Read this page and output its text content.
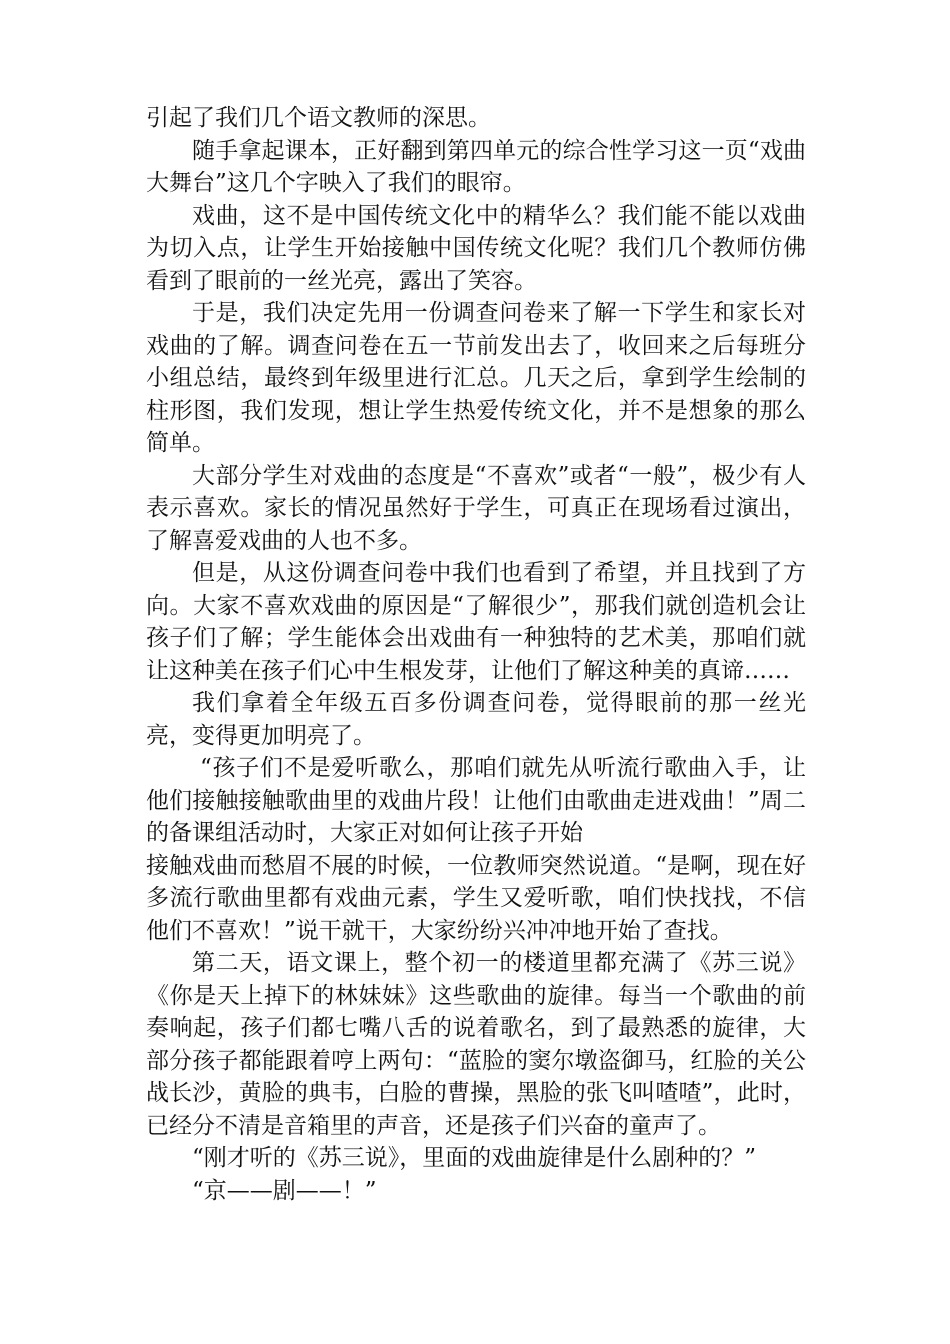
引起了我们几个语文教师的深思。

随手拿起课本，正好翻到第四单元的综合性学习这一页“戏曲大舞台”这几个字映入了我们的眼帘。

戏曲，这不是中国传统文化中的精华么？我们能不能以戏曲为切入点，让学生开始接触中国传统文化呢？我们几个教师仿佛看到了眼前的一丝光亮，露出了笑容。

于是，我们决定先用一份调查问卷来了解一下学生和家长对戏曲的了解。调查问卷在五一节前发出去了，收回来之后每班分小组总结，最终到年级里进行汇总。几天之后，拿到学生绘制的柱形图，我们发现，想让学生热爱传统文化，并不是想象的那么简单。

大部分学生对戏曲的态度是“不喜欢”或者“一般”，极少有人表示喜欢。家长的情况虽然好于学生，可真正在现场看过演出，了解喜爱戏曲的人也不多。

但是，从这份调查问卷中我们也看到了希望，并且找到了方向。大家不喜欢戏曲的原因是“了解很少”，那我们就创造机会让孩子们了解；学生能体会出戏曲有一种独特的艺术美，那咱们就让这种美在孩子们心中生根发芽，让他们了解这种美的真谛……

我们拿着全年级五百多份调查问卷，觉得眼前的那一丝光亮，变得更加明亮了。

“孩子们不是爱听歌么，那咱们就先从听流行歌曲入手，让他们接触接触歌曲里的戏曲片段！让他们由歌曲走进戏曲！”周二的备课组活动时，大家正对如何让孩子开始

接触戏曲而愁眉不展的时候，一位教师突然说道。“是啊，现在好多流行歌曲里都有戏曲元素，学生又爱听歌，咱们快找找，不信他们不喜欢！”说干就干，大家纷纷兴冲冲地开始了查找。

第二天，语文课上，整个初一的楼道里都充满了《苏三说》《你是天上掉下的林妹妹》这些歌曲的旋律。每当一个歌曲的前奏响起，孩子们都七嘴八舌的说着歌名，到了最熟悉的旋律，大部分孩子都能跟着哼上两句：“蓝脸的窦尔墩盗御马，红脸的关公战长沙，黄脸的典韦，白脸的曹操，黑脸的张飞叫喳喳”，此时，已经分不清是音箱里的声音，还是孩子们兴奋的童声了。

“刚才听的《苏三说》，里面的戏曲旋律是什么剧种的？”

“京——剧——！”
